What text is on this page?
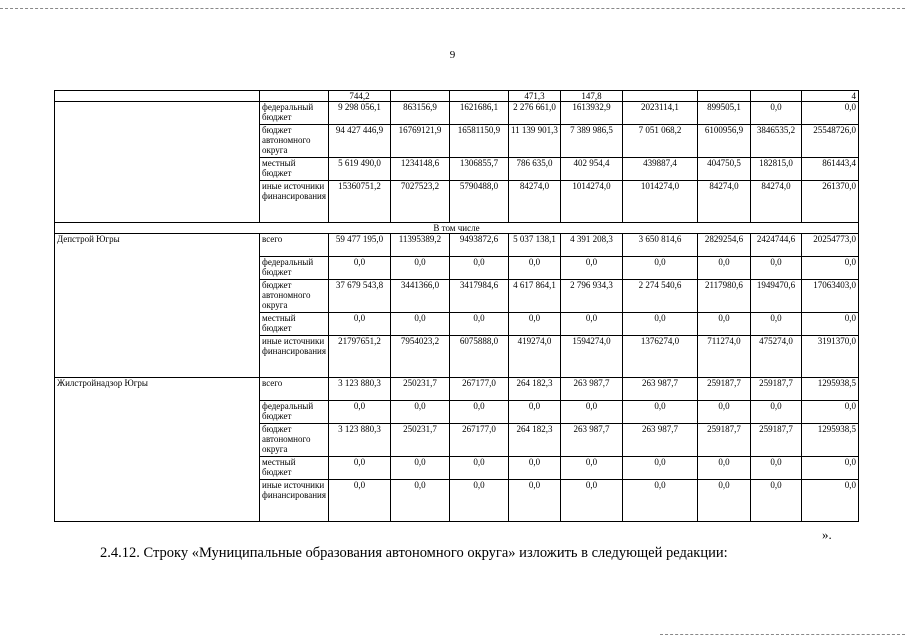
9
		744,2			471,3	147,8				4
	федеральный бюджет	9 298 056,1	863156,9	1621686,1	2 276 661,0	1613932,9	2023114,1	899505,1	0,0	0,0
	бюджет автономного округа	94 427 446,9	16769121,9	16581150,9	11 139 901,3	7 389 986,5	7 051 068,2	6100956,9	3846535,2	25548726,0
	местный бюджет	5 619 490,0	1234148,6	1306855,7	786 635,0	402 954,4	439887,4	404750,5	182815,0	861443,4
	иные источники финансирования	15360751,2	7027523,2	5790488,0	84274,0	1014274,0	1014274,0	84274,0	84274,0	261370,0
В том числе										
Депстрой Югры	всего	59 477 195,0	11395389,2	9493872,6	5 037 138,1	4 391 208,3	3 650 814,6	2829254,6	2424744,6	20254773,0
	федеральный бюджет	0,0	0,0	0,0	0,0	0,0	0,0	0,0	0,0	0,0
	бюджет автономного округа	37 679 543,8	3441366,0	3417984,6	4 617 864,1	2 796 934,3	2 274 540,6	2117980,6	1949470,6	17063403,0
	местный бюджет	0,0	0,0	0,0	0,0	0,0	0,0	0,0	0,0	0,0
	иные источники финансирования	21797651,2	7954023,2	6075888,0	419274,0	1594274,0	1376274,0	711274,0	475274,0	3191370,0
Жилстройнадзор Югры	всего	3 123 880,3	250231,7	267177,0	264 182,3	263 987,7	263 987,7	259187,7	259187,7	1295938,5
	федеральный бюджет	0,0	0,0	0,0	0,0	0,0	0,0	0,0	0,0	0,0
	бюджет автономного округа	3 123 880,3	250231,7	267177,0	264 182,3	263 987,7	263 987,7	259187,7	259187,7	1295938,5
	местный бюджет	0,0	0,0	0,0	0,0	0,0	0,0	0,0	0,0	0,0
	иные источники финансирования	0,0	0,0	0,0	0,0	0,0	0,0	0,0	0,0	0,0
».
2.4.12. Строку «Муниципальные образования автономного округа» изложить в следующей редакции:
